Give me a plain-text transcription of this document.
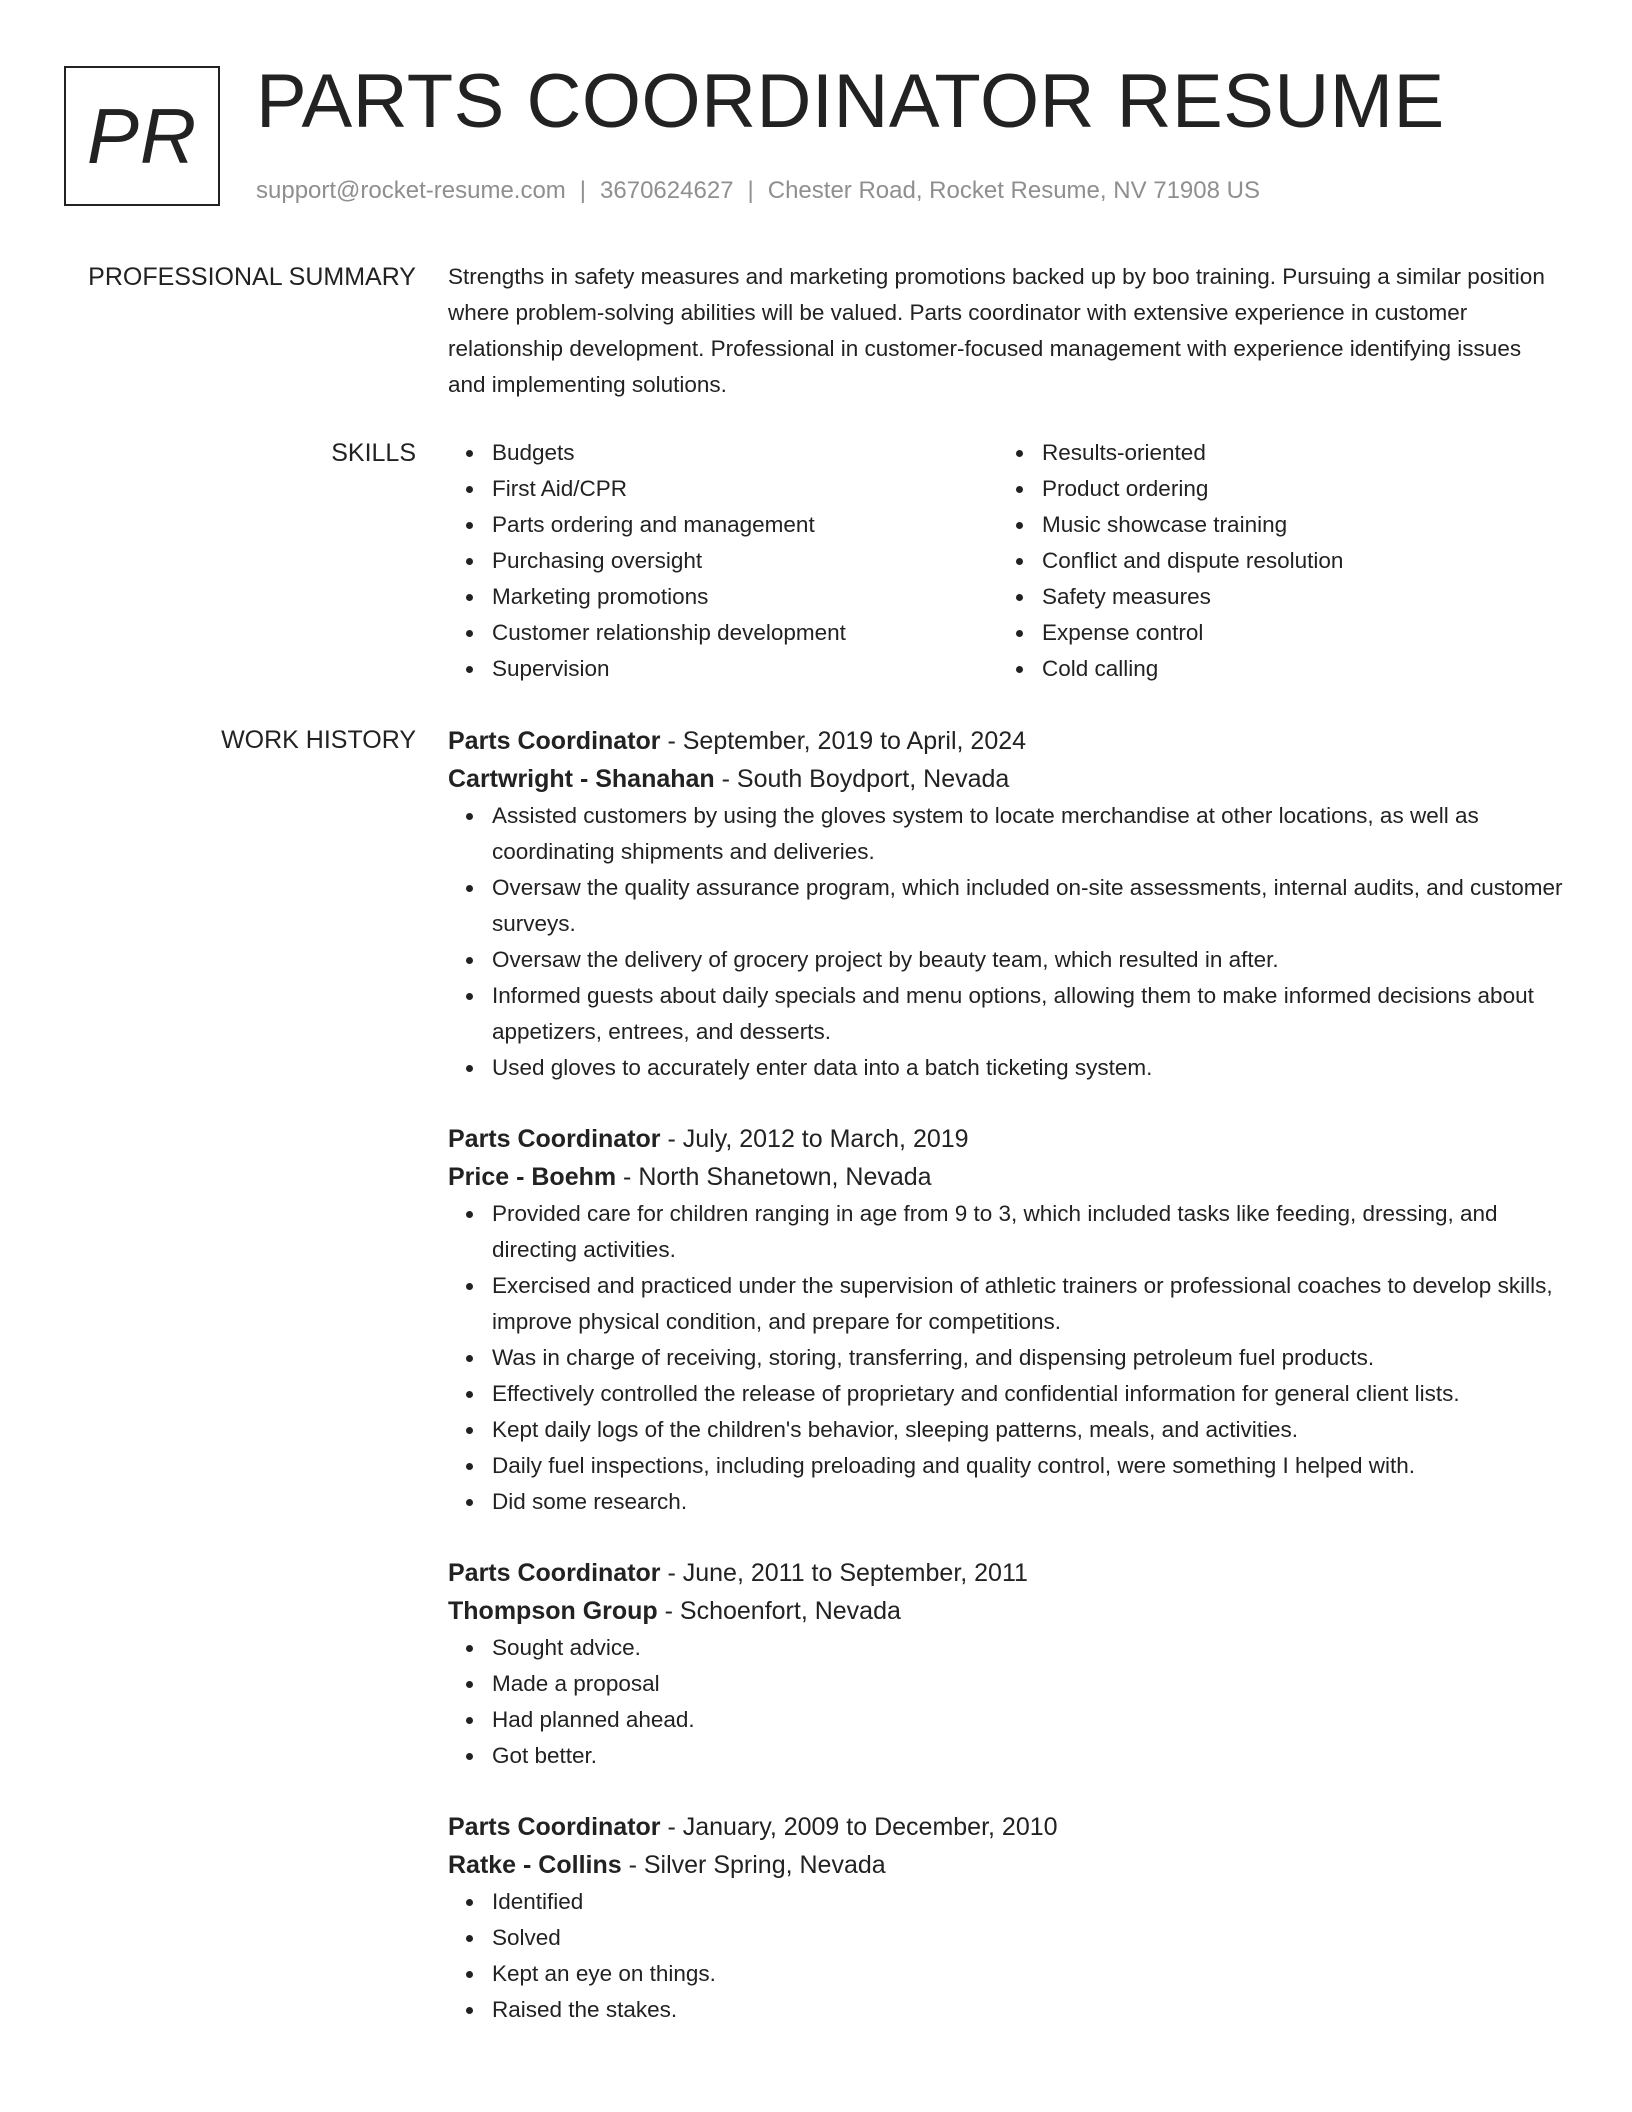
PR PARTS COORDINATOR RESUME
support@rocket-resume.com | 3670624627 | Chester Road, Rocket Resume, NV 71908 US
PROFESSIONAL SUMMARY Strengths in safety measures and marketing promotions backed up by boo training. Pursuing a similar position where problem-solving abilities will be valued. Parts coordinator with extensive experience in customer relationship development. Professional in customer-focused management with experience identifying issues and implementing solutions.

SKILLS	Budgets
First Aid/CPR
Parts ordering and management
Purchasing oversight
Marketing promotions
Customer relationship development
Supervision
Results-oriented
Product ordering
Music showcase training
Conflict and dispute resolution
Safety measures
Expense control
Cold calling
WORK HISTORY Parts Coordinator - September, 2019 to April, 2024
Cartwright - Shanahan - South Boydport, Nevada
Assisted customers by using the gloves system to locate merchandise at other locations, as well as coordinating shipments and deliveries.
Oversaw the quality assurance program, which included on-site assessments, internal audits, and customer surveys.
Oversaw the delivery of grocery project by beauty team, which resulted in after.
Informed guests about daily specials and menu options, allowing them to make informed decisions about appetizers, entrees, and desserts.
Used gloves to accurately enter data into a batch ticketing system.
Parts Coordinator - July, 2012 to March, 2019
Price - Boehm - North Shanetown, Nevada
Provided care for children ranging in age from 9 to 3, which included tasks like feeding, dressing, and directing activities.
Exercised and practiced under the supervision of athletic trainers or professional coaches to develop skills, improve physical condition, and prepare for competitions.
Was in charge of receiving, storing, transferring, and dispensing petroleum fuel products.
Effectively controlled the release of proprietary and confidential information for general client lists.
Kept daily logs of the children's behavior, sleeping patterns, meals, and activities.
Daily fuel inspections, including preloading and quality control, were something I helped with.
Did some research.
Parts Coordinator - June, 2011 to September, 2011
Thompson Group - Schoenfort, Nevada
Sought advice.
Made a proposal
Had planned ahead.
Got better.
Parts Coordinator - January, 2009 to December, 2010
Ratke - Collins - Silver Spring, Nevada
Identified
Solved
Kept an eye on things.
Raised the stakes.
